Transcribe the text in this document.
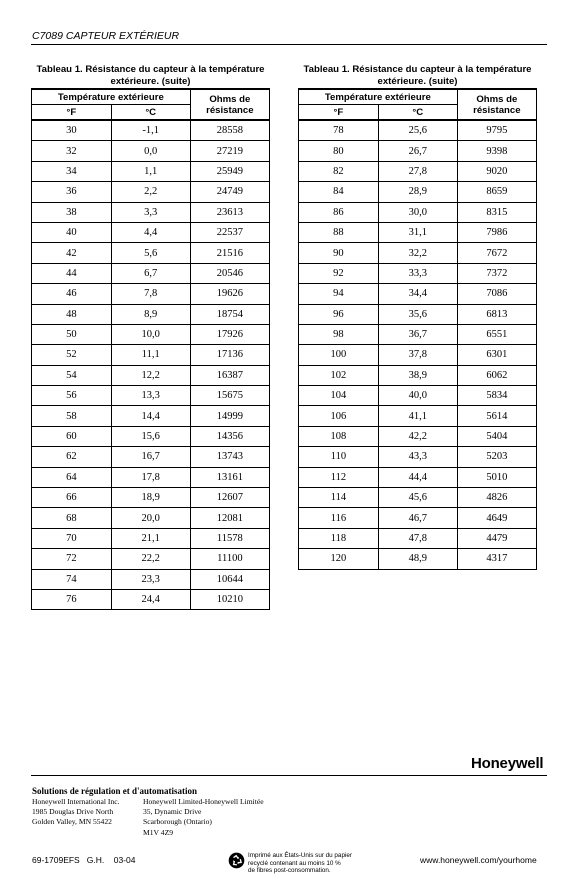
C7089 CAPTEUR EXTÉRIEUR
Tableau 1. Résistance du capteur à la température
extérieure. (suite)
Température extérieure		Ohms de
résistance

°F	°C	
30	-1,1	28558
32	0,0	27219
34	1,1	25949
36	2,2	24749
38	3,3	23613
40	4,4	22537
42	5,6	21516
44	6,7	20546
46	7,8	19626
48	8,9	18754
50	10,0	17926
52	11,1	17136
54	12,2	16387
56	13,3	15675
58	14,4	14999
60	15,6	14356
62	16,7	13743
64	17,8	13161
66	18,9	12607
68	20,0	12081
70	21,1	11578
72	22,2	11100
74	23,3	10644
76	24,4	10210
Tableau 1. Résistance du capteur à la température
extérieure. (suite)
Température extérieure		Ohms de
résistance

°F	°C	
78	25,6	9795
80	26,7	9398
82	27,8	9020
84	28,9	8659
86	30,0	8315
88	31,1	7986
90	32,2	7672
92	33,3	7372
94	34,4	7086
96	35,6	6813
98	36,7	6551
100	37,8	6301
102	38,9	6062
104	40,0	5834
106	41,1	5614
108	42,2	5404
110	43,3	5203
112	44,4	5010
114	45,6	4826
116	46,7	4649
118	47,8	4479
120	48,9	4317
Honeywell
Solutions de régulation et d'automatisation
Honeywell International Inc.
1985 Douglas Drive North
Golden Valley, MN 55422
Honeywell Limited-Honeywell Limitée
35, Dynamic Drive
Scarborough (Ontario)
M1V 4Z9
69-1709EFS   G.H.    03-04	Imprimé aux États-Unis sur du papier
recyclé contenant au moins 10 %
de fibres post-consommation.
www.honeywell.com/yourhome
